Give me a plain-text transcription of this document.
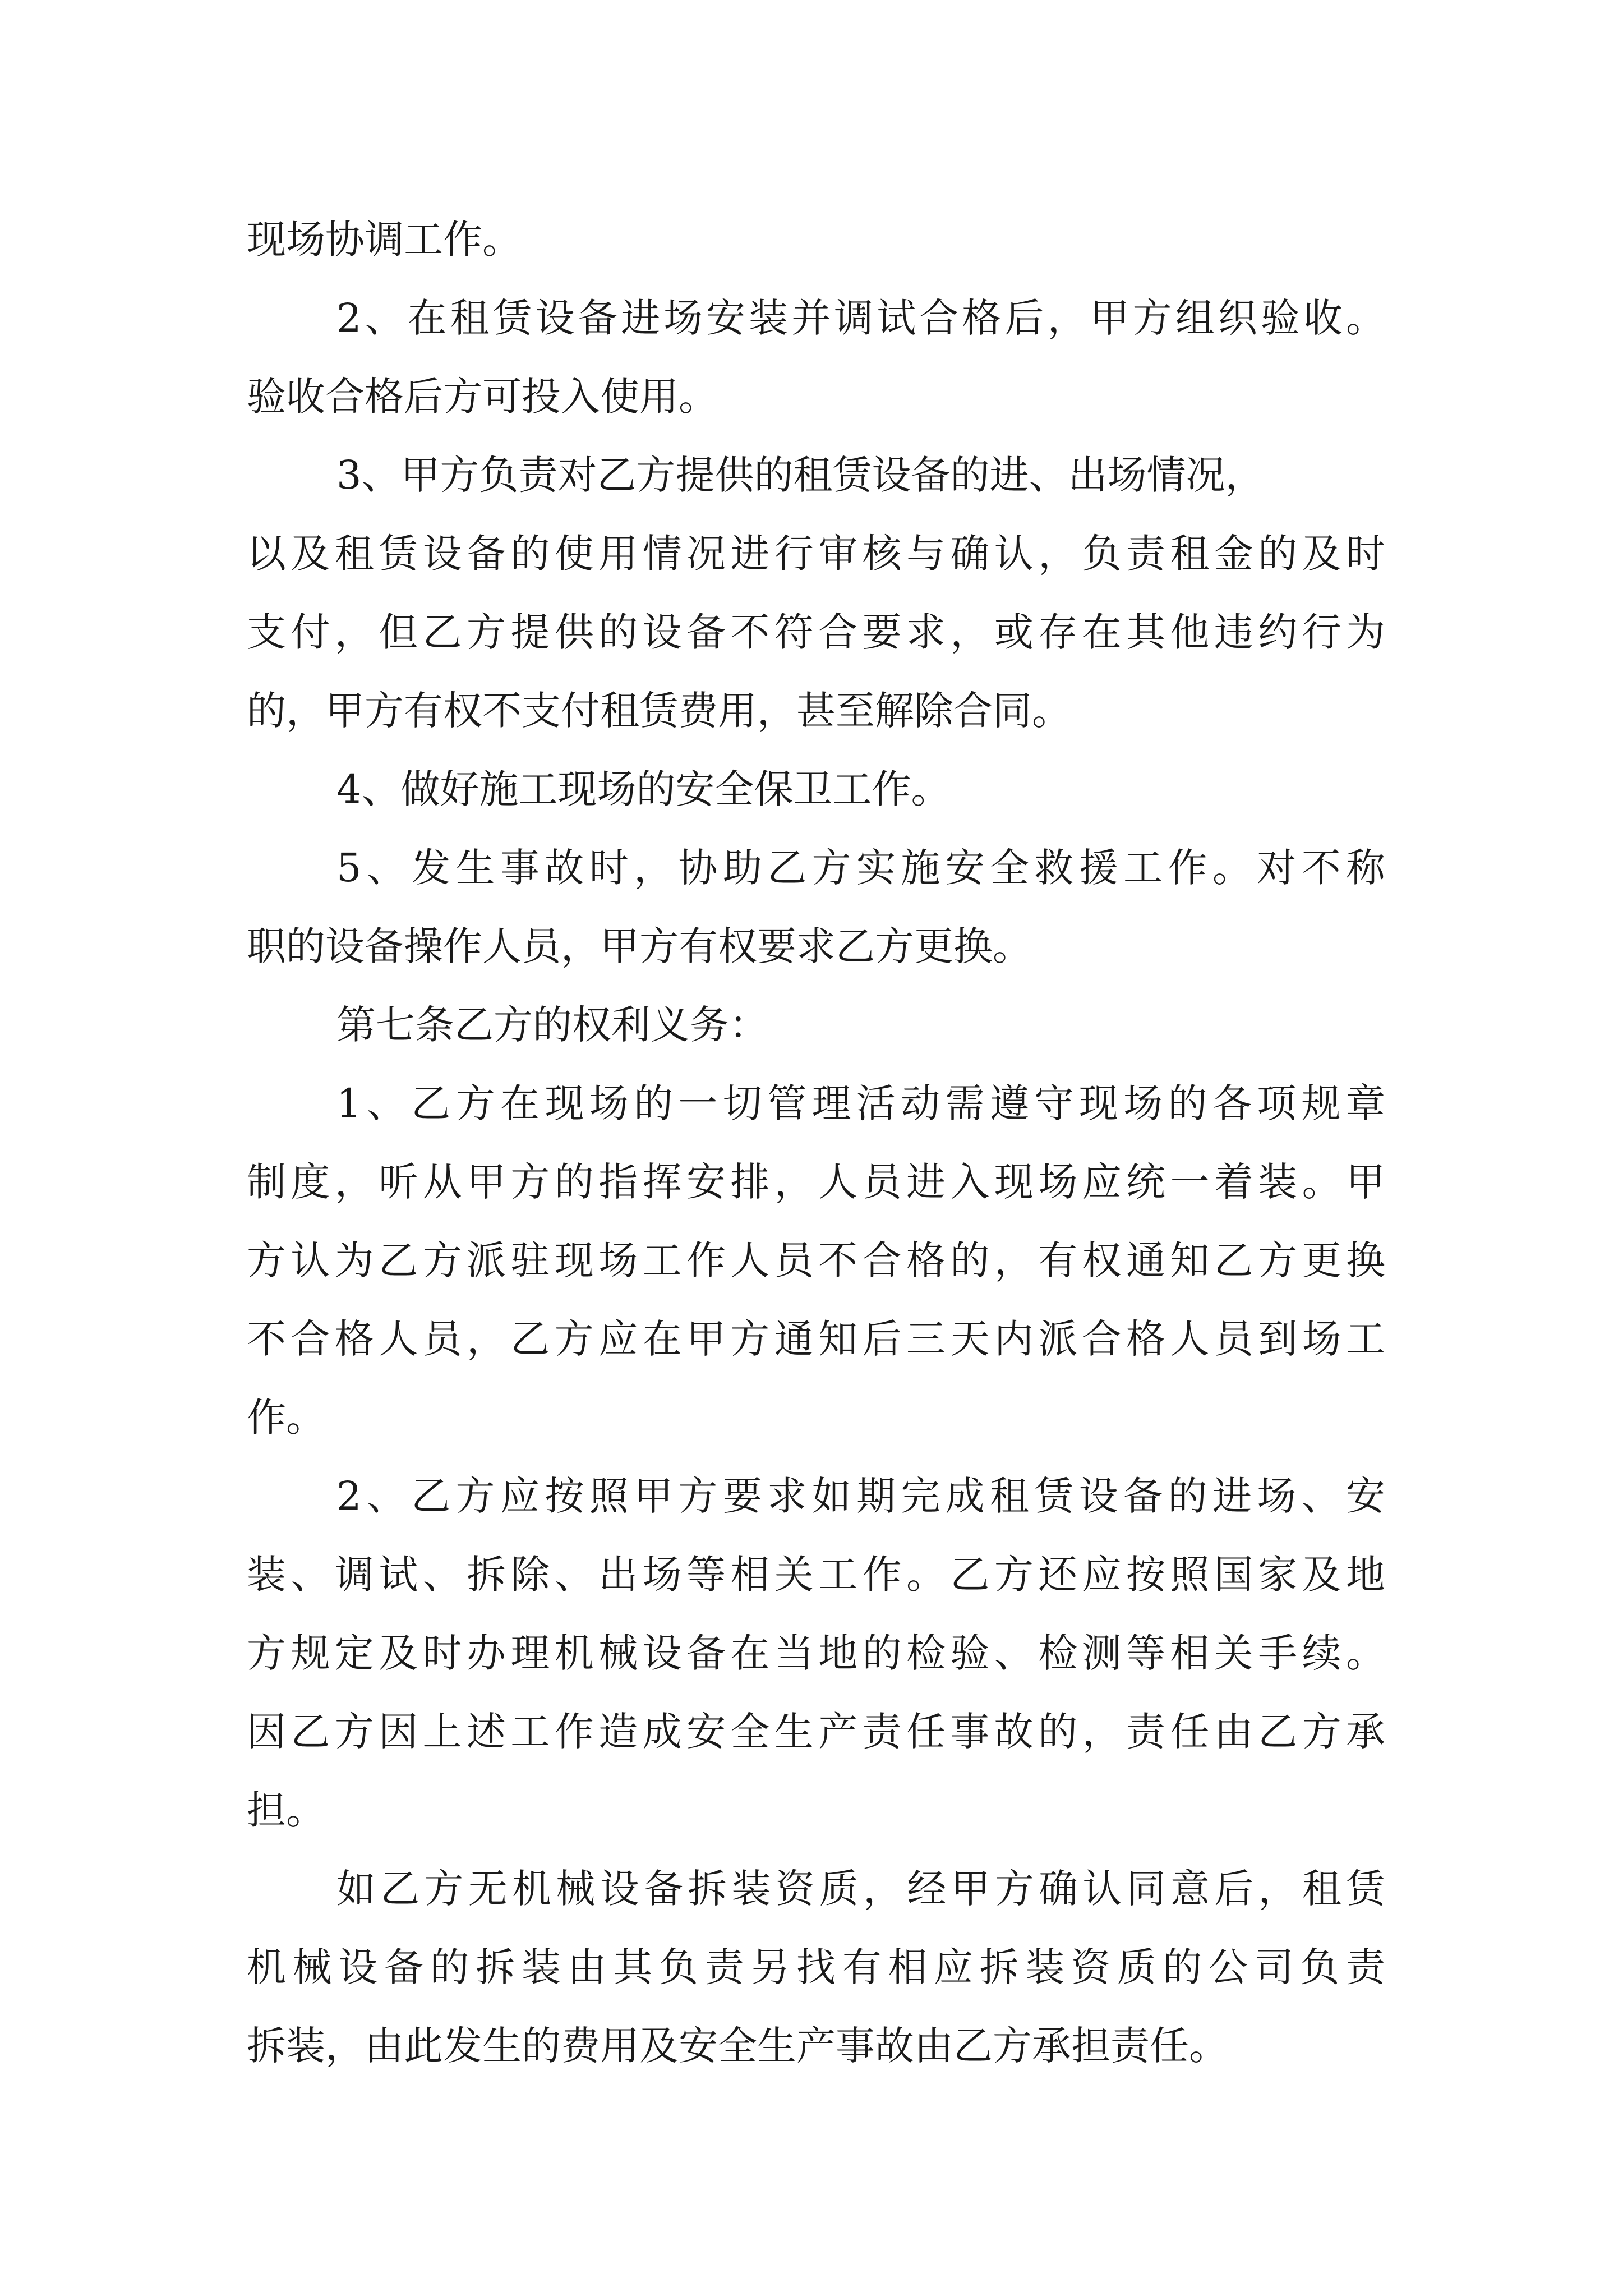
现场协调工作。

2、在租赁设备进场安装并调试合格后，甲方组织验收。

验收合格后方可投入使用。

3、甲方负责对乙方提供的租赁设备的进、出场情况，

以及租赁设备的使用情况进行审核与确认，负责租金的及时

支付，但乙方提供的设备不符合要求，或存在其他违约行为

的，甲方有权不支付租赁费用，甚至解除合同。

4、做好施工现场的安全保卫工作。

5、发生事故时，协助乙方实施安全救援工作。对不称

职的设备操作人员，甲方有权要求乙方更换。

第七条乙方的权利义务：

1、乙方在现场的一切管理活动需遵守现场的各项规章

制度，听从甲方的指挥安排，人员进入现场应统一着装。甲

方认为乙方派驻现场工作人员不合格的，有权通知乙方更换

不合格人员，乙方应在甲方通知后三天内派合格人员到场工

作。

2、乙方应按照甲方要求如期完成租赁设备的进场、安

装、调试、拆除、出场等相关工作。乙方还应按照国家及地

方规定及时办理机械设备在当地的检验、检测等相关手续。

因乙方因上述工作造成安全生产责任事故的，责任由乙方承

担。

如乙方无机械设备拆装资质，经甲方确认同意后，租赁

机械设备的拆装由其负责另找有相应拆装资质的公司负责

拆装，由此发生的费用及安全生产事故由乙方承担责任。
